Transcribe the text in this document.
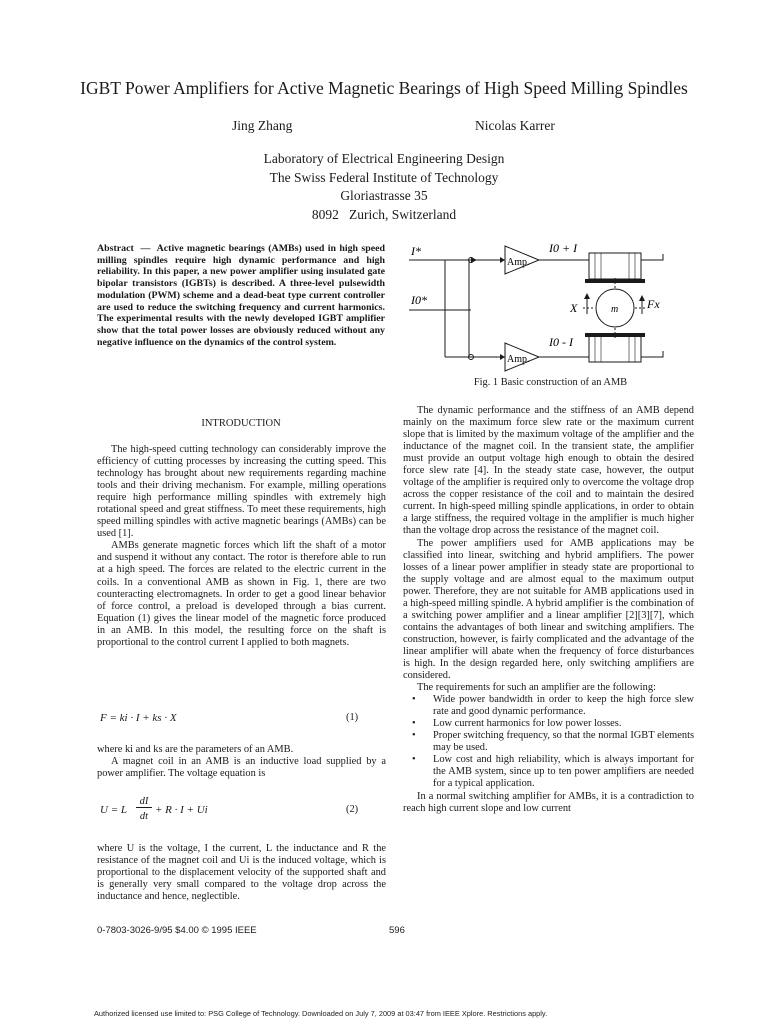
IGBT Power Amplifiers for Active Magnetic Bearings of High Speed Milling Spindles
Jing Zhang	Nicolas Karrer
Laboratory of Electrical Engineering Design
The Swiss Federal Institute of Technology
Gloriastrasse 35
8092   Zurich, Switzerland
Abstract  —  Active magnetic bearings (AMBs) used in high speed milling spindles require high dynamic performance and high reliability. In this paper, a new power amplifier using insulated gate bipolar transistors (IGBTs) is described. A three-level pulsewidth modulation (PWM) scheme and a dead-beat type current controller are used to reduce the switching frequency and current harmonics. The experimental results with the newly developed IGBT amplifier show that the total power losses are obviously reduced without any negative influence on the dynamics of the control system.
I*
I0*
Amp.
Amp.
I0 + I
I0 - I
X	m Fx
Fig. 1 Basic construction of an AMB
INTRODUCTION

The high-speed cutting technology can considerably improve the efficiency of cutting processes by increasing the cutting speed. This technology has brought about new requirements regarding machine tools and their driving mechanism. For example, milling operations require high performance milling spindles with extremely high rotational speed and great stiffness. To meet these requirements, high speed milling spindles with active magnetic bearings (AMBs) can be used [1].

AMBs generate magnetic forces which lift the shaft of a motor and suspend it without any contact. The rotor is therefore able to run at a high speed. The forces are related to the electric current in the coils. In a conventional AMB as shown in Fig. 1, there are two counteracting electromagnets. In order to get a good linear behavior of force control, a preload is developed through a bias current. Equation (1) gives the linear model of the magnetic force produced in an AMB. In this model, the resulting force on the shaft is proportional to the control current I applied to both magnets.

F = ki · I + ks · X	(1)

where ki and ks are the parameters of an AMB.

A magnet coil in an AMB is an inductive load supplied by a power amplifier. The voltage equation is

U = L
dI
dt
+ R · I + Ui	(2)

where U is the voltage, I the current, L the inductance and R the resistance of the magnet coil and Ui is the induced voltage, which is proportional to the displacement velocity of the supported shaft and is generally very small compared to the voltage drop across the inductance and hence, neglectible.

The dynamic performance and the stiffness of an AMB depend mainly on the maximum force slew rate or the maximum current slope that is limited by the maximum voltage of the amplifier and the inductance of the magnet coil. In the transient state, the amplifier must provide an output voltage high enough to obtain the desired force slew rate [4]. In the steady state case, however, the output voltage of the amplifier is required only to overcome the voltage drop across the copper resistance of the coil and to maintain the desired current. In high-speed milling spindle applications, in order to obtain a large stiffness, the required voltage in the amplifier is much higher than the voltage drop across the resistance of the magnet coil.

The power amplifiers used for AMB applications may be classified into linear, switching and hybrid amplifiers. The power losses of a linear power amplifier in steady state are proportional to the supply voltage and are almost equal to the maximum output power. Therefore, they are not suitable for AMB applications used in a high-speed milling spindle. A hybrid amplifier is the combination of a switching power amplifier and a linear amplifier [2][3][7], which contains the advantages of both linear and switching amplifiers. The construction, however, is fairly complicated and the advantage of the linear amplifier will abate when the frequency of force disturbances is high. In the design regarded here, only switching amplifiers are considered.

The requirements for such an amplifier are the following:

• Wide power bandwidth in order to keep the high force slew rate and good dynamic performance.
• Low current harmonics for low power losses.
• Proper switching frequency, so that the normal IGBT elements may be used.
• Low cost and high reliability, which is always important for the AMB system, since up to ten power amplifiers are needed for a typical application.

In a normal switching amplifier for AMBs, it is a contradiction to reach high current slope and low current

0-7803-3026-9/95 $4.00 © 1995 IEEE	596
Authorized licensed use limited to: PSG College of Technology. Downloaded on July 7, 2009 at 03:47 from IEEE Xplore. Restrictions apply.
